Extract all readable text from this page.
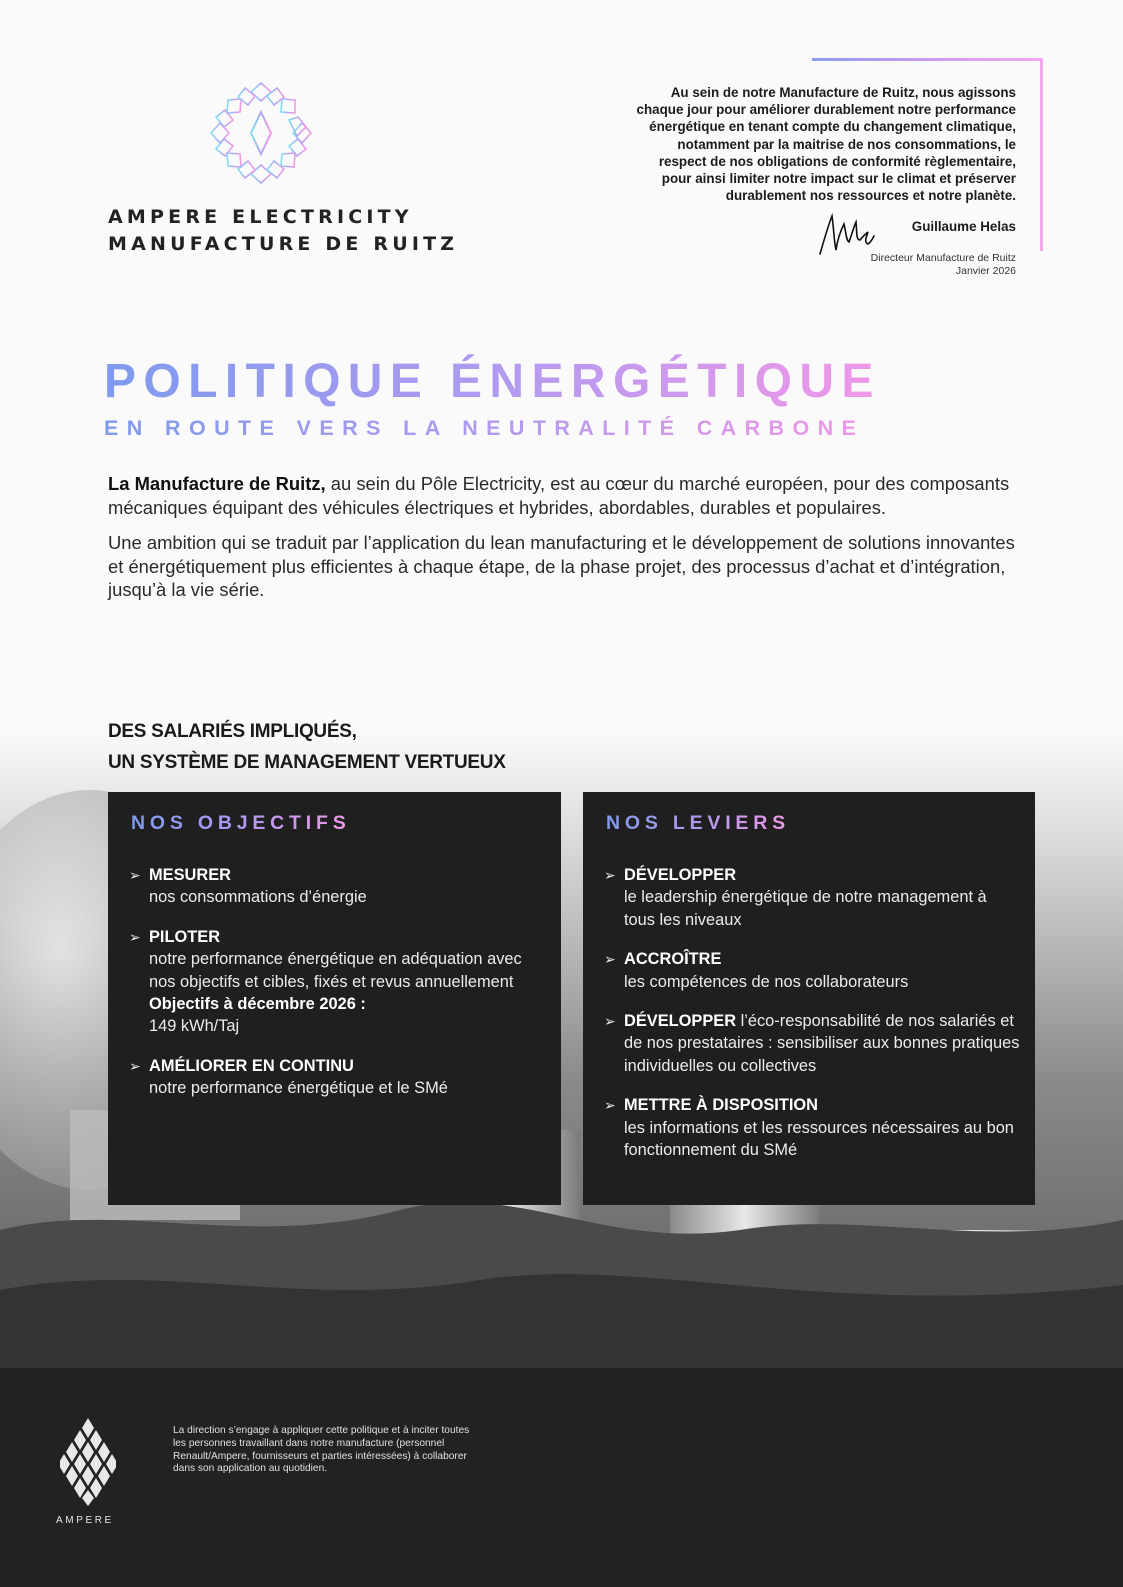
AMPERE ELECTRICITY
MANUFACTURE DE RUITZ
Au sein de notre Manufacture de Ruitz, nous agissons
chaque jour pour améliorer durablement notre performance
énergétique en tenant compte du changement climatique,
notamment par la maitrise de nos consommations, le
respect de nos obligations de conformité règlementaire,
pour ainsi limiter notre impact sur le climat et préserver
durablement nos ressources et notre planète.
Guillaume Helas
Directeur Manufacture de Ruitz
Janvier 2026
POLITIQUE ÉNERGÉTIQUE
EN ROUTE VERS LA NEUTRALITÉ CARBONE

La Manufacture de Ruitz, au sein du Pôle Electricity, est au cœur du marché européen, pour des composants mécaniques équipant des véhicules électriques et hybrides, abordables, durables et populaires.

Une ambition qui se traduit par l’application du lean manufacturing et le développement de solutions innovantes et énergétiquement plus efficientes à chaque étape, de la phase projet, des processus d’achat et d’intégration, jusqu’à la vie série.

DES SALARIÉS IMPLIQUÉS,
UN SYSTÈME DE MANAGEMENT VERTUEUX
NOS OBJECTIFS
➢ MESURER
nos consommations d’énergie
➢ PILOTER
notre performance énergétique en adéquation avec nos objectifs et cibles, fixés et revus annuellement
Objectifs à décembre 2026 :
149 kWh/Taj
➢ AMÉLIORER EN CONTINU
notre performance énergétique et le SMé
NOS LEVIERS
➢ DÉVELOPPER
le leadership énergétique de notre management à tous les niveaux
➢ ACCROÎTRE
les compétences de nos collaborateurs
➢ DÉVELOPPER l’éco-responsabilité de nos salariés et de nos prestataires : sensibiliser aux bonnes pratiques individuelles ou collectives
➢ METTRE À DISPOSITION
les informations et les ressources nécessaires au bon fonctionnement du SMé
AMPERE
La direction s’engage à appliquer cette politique et à inciter toutes les personnes travaillant dans notre manufacture (personnel Renault/Ampere, fournisseurs et parties intéressées) à collaborer dans son application au quotidien.
